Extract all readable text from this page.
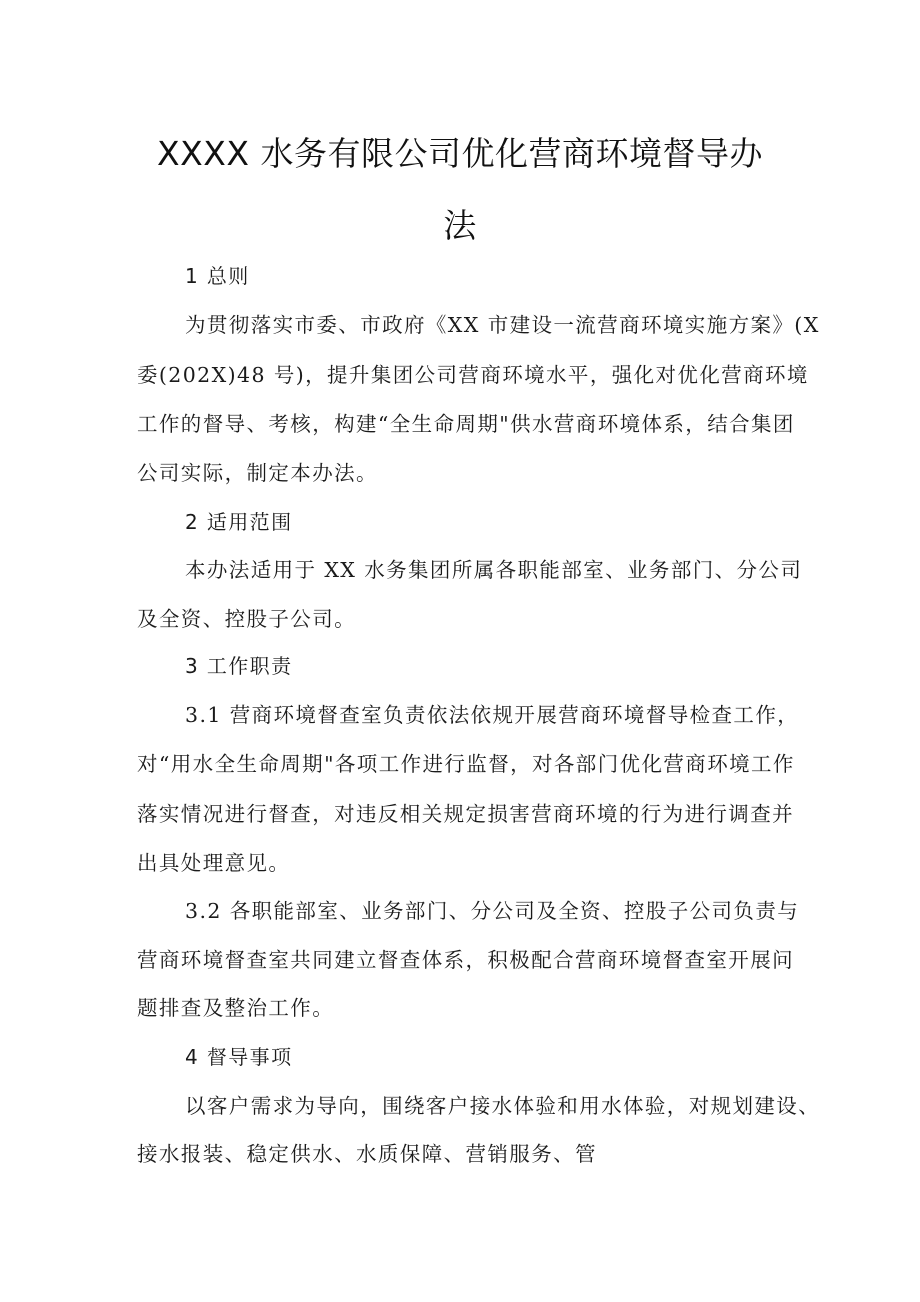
XXXX 水务有限公司优化营商环境督导办
法
1 总则
为贯彻落实市委、市政府《XX 市建设一流营商环境实施方案》(X
委(202X)48 号)，提升集团公司营商环境水平，强化对优化营商环境
工作的督导、考核，构建“全生命周期"供水营商环境体系，结合集团
公司实际，制定本办法。
2 适用范围
本办法适用于 XX 水务集团所属各职能部室、业务部门、分公司
及全资、控股子公司。
3 工作职责
3.1 营商环境督查室负责依法依规开展营商环境督导检查工作，
对“用水全生命周期"各项工作进行监督，对各部门优化营商环境工作
落实情况进行督查，对违反相关规定损害营商环境的行为进行调查并
出具处理意见。
3.2 各职能部室、业务部门、分公司及全资、控股子公司负责与
营商环境督查室共同建立督查体系，积极配合营商环境督查室开展问
题排查及整治工作。
4 督导事项
以客户需求为导向，围绕客户接水体验和用水体验，对规划建设、
接水报装、稳定供水、水质保障、营销服务、管
